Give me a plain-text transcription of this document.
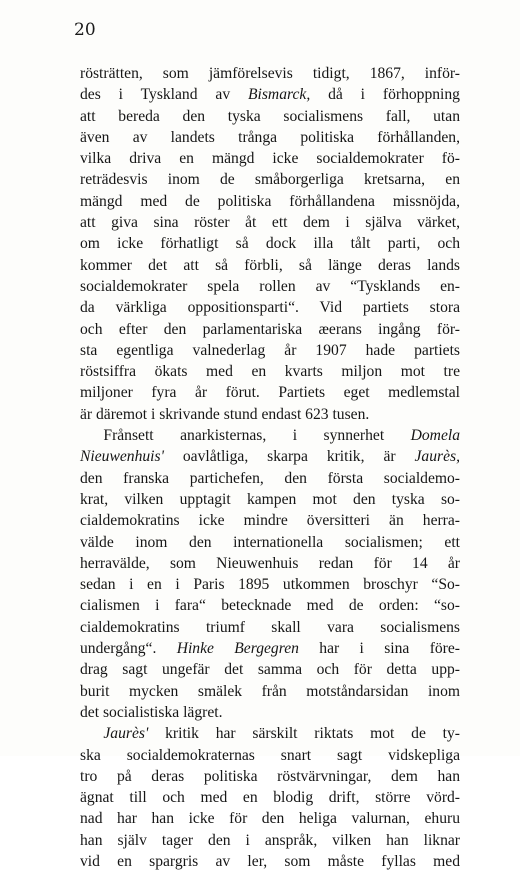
20
rösträtten, som jämförelsevis tidigt, 1867, inför-
des i Tyskland av Bismarck, då i förhoppning
att bereda den tyska socialismens fall, utan
även av landets trånga politiska förhållanden,
vilka driva en mängd icke socialdemokrater fö-
reträdesvis inom de småborgerliga kretsarna, en
mängd med de politiska förhållandena missnöjda,
att giva sina röster åt ett dem i själva värket,
om icke förhatligt så dock illa tålt parti, och
kommer det att så förbli, så länge deras lands
socialdemokrater spela rollen av “Tysklands en-
da värkliga oppositionsparti“. Vid partiets stora
och efter den parlamentariska æerans ingång för-
sta egentliga valnederlag år 1907 hade partiets
röstsiffra ökats med en kvarts miljon mot tre
miljoner fyra år förut. Partiets eget medlemstal
är däremot i skrivande stund endast 623 tusen.
Frånsett anarkisternas, i synnerhet Domela
Nieuwenhuis' oavlåtliga, skarpa kritik, är Jaurès,
den franska partichefen, den första socialdemo-
krat, vilken upptagit kampen mot den tyska so-
cialdemokratins icke mindre översitteri än herra-
välde inom den internationella socialismen; ett
herravälde, som Nieuwenhuis redan för 14 år
sedan i en i Paris 1895 utkommen broschyr “So-
cialismen i fara“ betecknade med de orden: “so-
cialdemokratins triumf skall vara socialismens
undergång“. Hinke Bergegren har i sina före-
drag sagt ungefär det samma och för detta upp-
burit mycken smälek från motståndarsidan inom
det socialistiska lägret.
Jaurès' kritik har särskilt riktats mot de ty-
ska socialdemokraternas snart sagt vidskepliga
tro på deras politiska röstvärvningar, dem han
ägnat till och med en blodig drift, större vörd-
nad har han icke för den heliga valurnan, ehuru
han själv tager den i anspråk, vilken han liknar
vid en spargris av ler, som måste fyllas med
